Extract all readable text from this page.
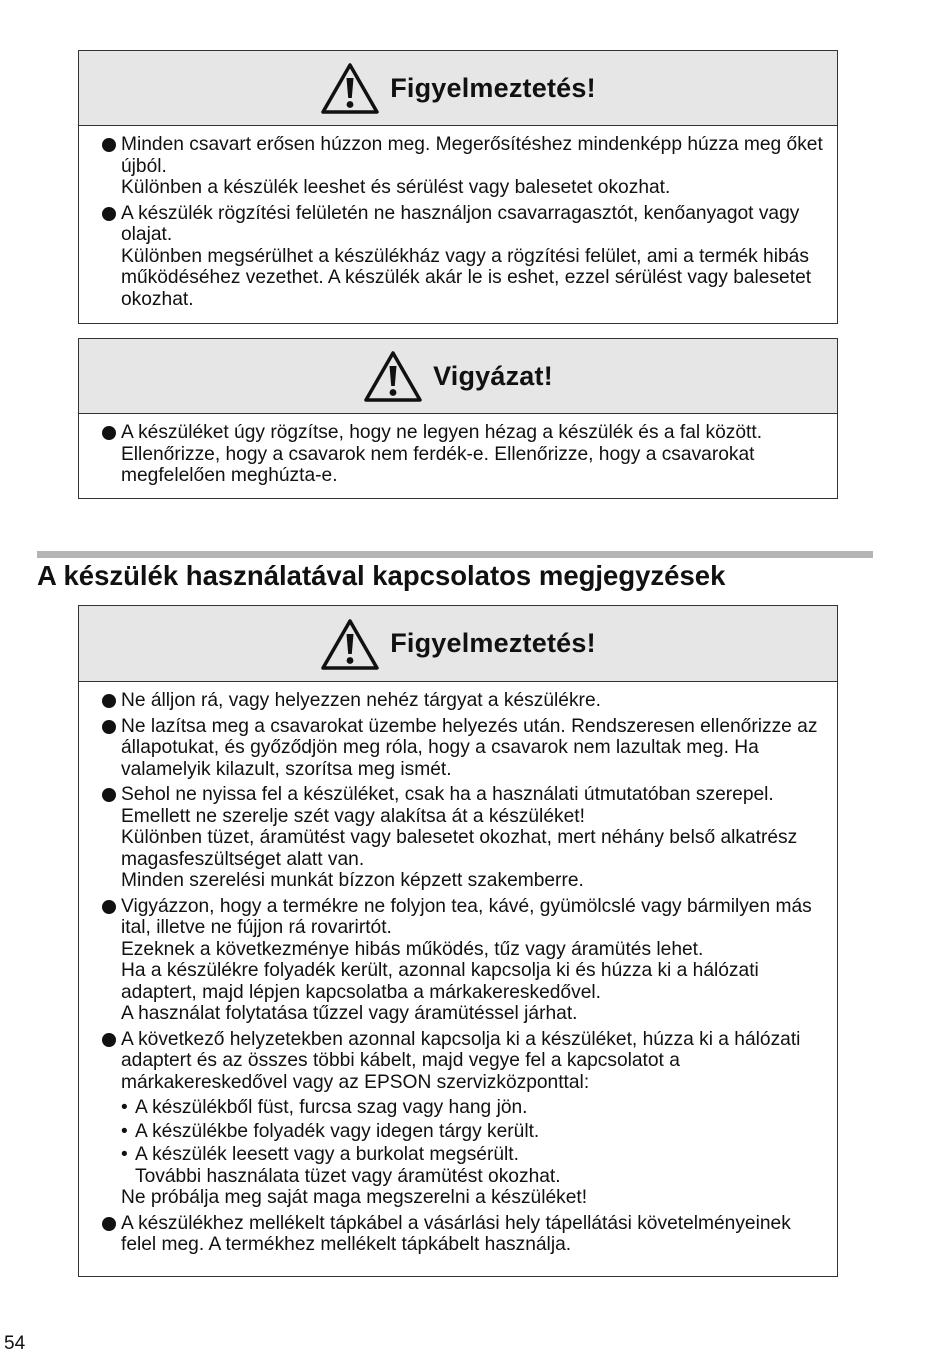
Figyelmeztetés!

Minden csavart erősen húzzon meg. Megerősítéshez mindenképp húzza meg őket újból.

Különben a készülék leeshet és sérülést vagy balesetet okozhat.

A készülék rögzítési felületén ne használjon csavarragasztót, kenőanyagot vagy olajat.

Különben megsérülhet a készülékház vagy a rögzítési felület, ami a termék hibás működéséhez vezethet. A készülék akár le is eshet, ezzel sérülést vagy balesetet okozhat.

Vigyázat!

A készüléket úgy rögzítse, hogy ne legyen hézag a készülék és a fal között. Ellenőrizze, hogy a csavarok nem ferdék-e. Ellenőrizze, hogy a csavarokat megfelelően meghúzta-e.

A készülék használatával kapcsolatos megjegyzések
Figyelmeztetés!

Ne álljon rá, vagy helyezzen nehéz tárgyat a készülékre.

Ne lazítsa meg a csavarokat üzembe helyezés után. Rendszeresen ellenőrizze az állapotukat, és győződjön meg róla, hogy a csavarok nem lazultak meg. Ha valamelyik kilazult, szorítsa meg ismét.

Sehol ne nyissa fel a készüléket, csak ha a használati útmutatóban szerepel. Emellett ne szerelje szét vagy alakítsa át a készüléket!

Különben tüzet, áramütést vagy balesetet okozhat, mert néhány belső alkatrész magasfeszültséget alatt van.

Minden szerelési munkát bízzon képzett szakemberre.

Vigyázzon, hogy a termékre ne folyjon tea, kávé, gyümölcslé vagy bármilyen más ital, illetve ne fújjon rá rovarirtót.

Ezeknek a következménye hibás működés, tűz vagy áramütés lehet.

Ha a készülékre folyadék került, azonnal kapcsolja ki és húzza ki a hálózati adaptert, majd lépjen kapcsolatba a márkakereskedővel.

A használat folytatása tűzzel vagy áramütéssel járhat.

A következő helyzetekben azonnal kapcsolja ki a készüléket, húzza ki a hálózati adaptert és az összes többi kábelt, majd vegye fel a kapcsolatot a márkakereskedővel vagy az EPSON szervizközponttal:

• A készülékből füst, furcsa szag vagy hang jön.
• A készülékbe folyadék vagy idegen tárgy került.
• A készülék leesett vagy a burkolat megsérült.
További használata tüzet vagy áramütést okozhat.

Ne próbálja meg saját maga megszerelni a készüléket!

A készülékhez mellékelt tápkábel a vásárlási hely tápellátási követelményeinek felel meg. A termékhez mellékelt tápkábelt használja.

54
